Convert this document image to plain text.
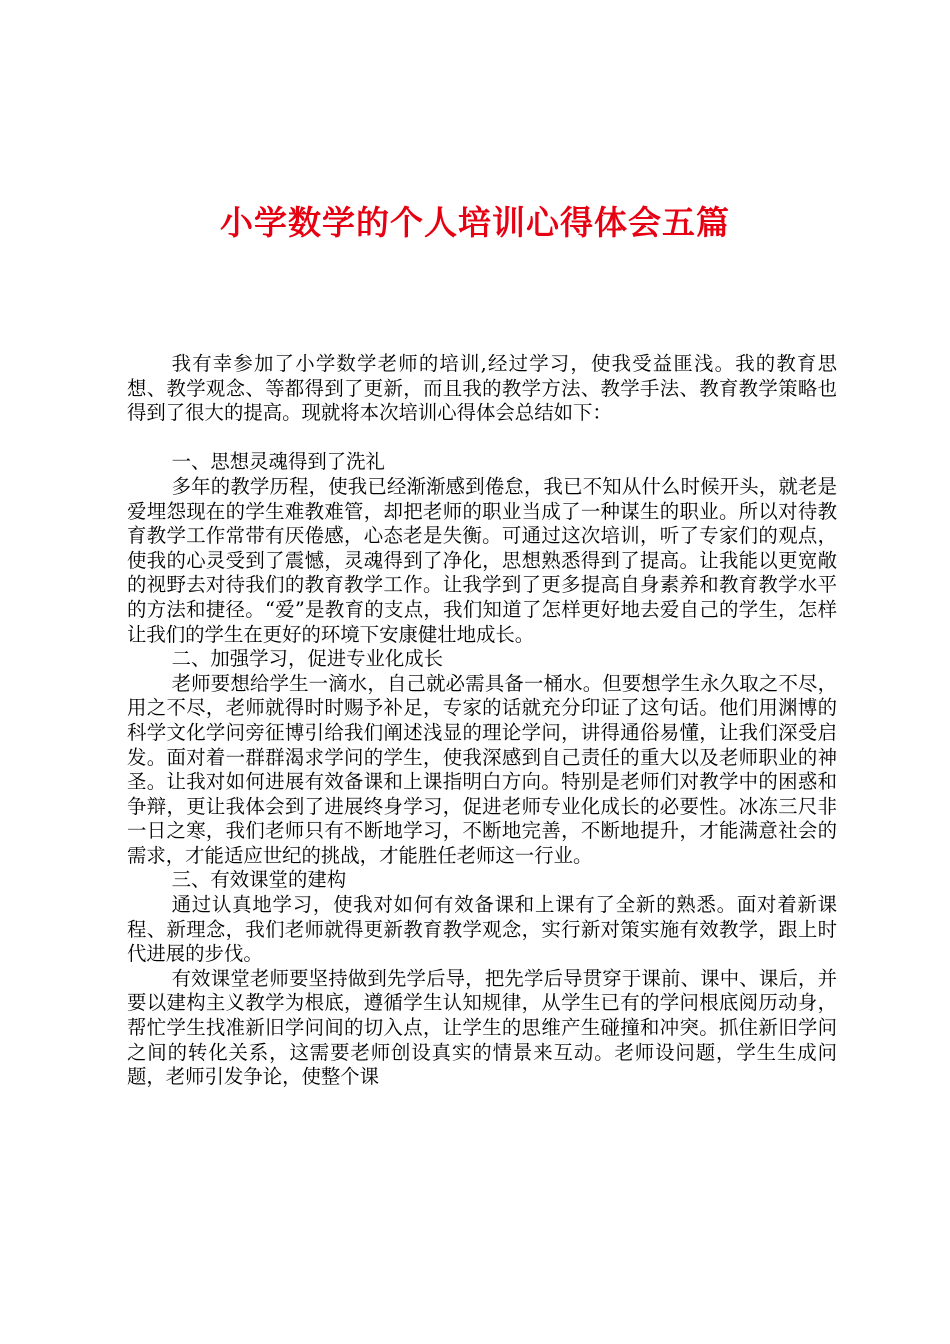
小学数学的个人培训心得体会五篇

我有幸参加了小学数学老师的培训,经过学习，使我受益匪浅。我的教育思想、教学观念、等都得到了更新，而且我的教学方法、教学手法、教育教学策略也得到了很大的提高。现就将本次培训心得体会总结如下：

一、思想灵魂得到了洗礼

多年的教学历程，使我已经渐渐感到倦怠，我已不知从什么时候开头，就老是爱埋怨现在的学生难教难管，却把老师的职业当成了一种谋生的职业。所以对待教育教学工作常带有厌倦感，心态老是失衡。可通过这次培训，听了专家们的观点，使我的心灵受到了震憾，灵魂得到了净化，思想熟悉得到了提高。让我能以更宽敞的视野去对待我们的教育教学工作。让我学到了更多提高自身素养和教育教学水平的方法和捷径。“爱”是教育的支点，我们知道了怎样更好地去爱自己的学生，怎样让我们的学生在更好的环境下安康健壮地成长。

二、加强学习，促进专业化成长

老师要想给学生一滴水，自己就必需具备一桶水。但要想学生永久取之不尽，用之不尽，老师就得时时赐予补足，专家的话就充分印证了这句话。他们用渊博的科学文化学问旁征博引给我们阐述浅显的理论学问，讲得通俗易懂，让我们深受启发。面对着一群群渴求学问的学生，使我深感到自己责任的重大以及老师职业的神圣。让我对如何进展有效备课和上课指明白方向。特别是老师们对教学中的困惑和争辩，更让我体会到了进展终身学习，促进老师专业化成长的必要性。冰冻三尺非一日之寒，我们老师只有不断地学习，不断地完善，不断地提升，才能满意社会的需求，才能适应世纪的挑战，才能胜任老师这一行业。

三、有效课堂的建构

通过认真地学习，使我对如何有效备课和上课有了全新的熟悉。面对着新课程、新理念，我们老师就得更新教育教学观念，实行新对策实施有效教学，跟上时代进展的步伐。

有效课堂老师要坚持做到先学后导，把先学后导贯穿于课前、课中、课后，并要以建构主义教学为根底，遵循学生认知规律，从学生已有的学问根底阅历动身，帮忙学生找准新旧学问间的切入点，让学生的思维产生碰撞和冲突。抓住新旧学问之间的转化关系，这需要老师创设真实的情景来互动。老师设问题，学生生成问题，老师引发争论，使整个课
